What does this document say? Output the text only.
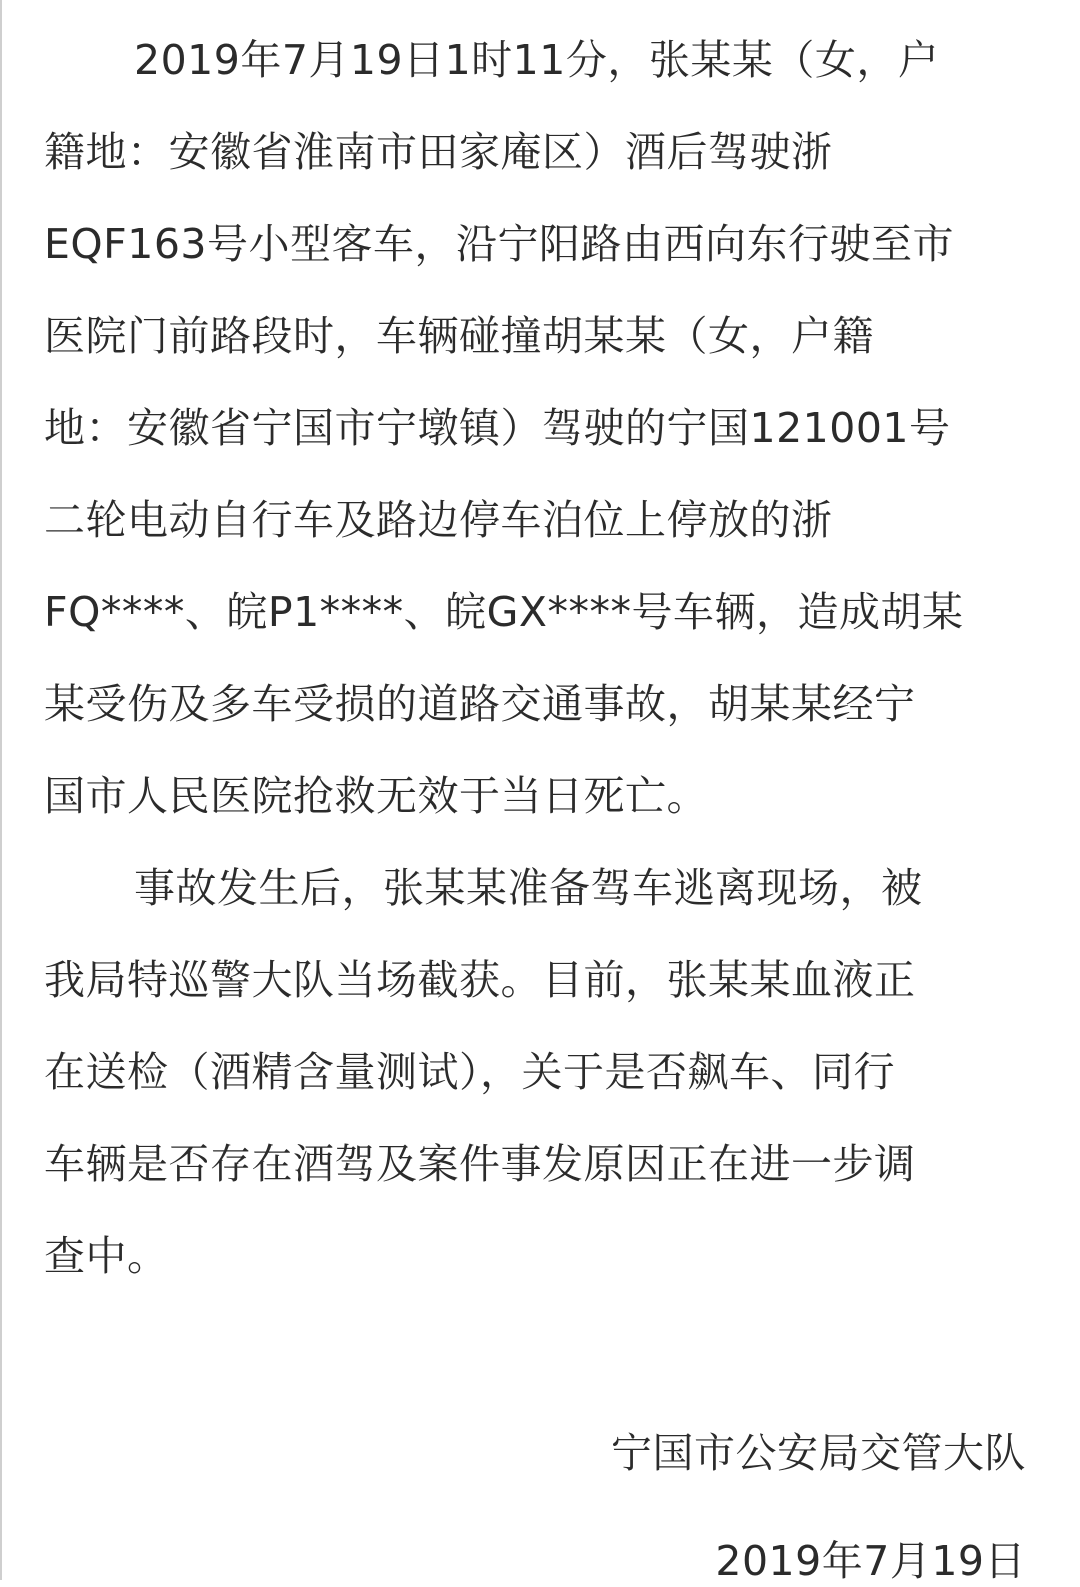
2019年7月19日1时11分，张某某（女，户
籍地：安徽省淮南市田家庵区）酒后驾驶浙
EQF163号小型客车，沿宁阳路由西向东行驶至市
医院门前路段时，车辆碰撞胡某某（女，户籍
地：安徽省宁国市宁墩镇）驾驶的宁国121001号
二轮电动自行车及路边停车泊位上停放的浙
FQ****、皖P1****、皖GX****号车辆，造成胡某
某受伤及多车受损的道路交通事故，胡某某经宁
国市人民医院抢救无效于当日死亡。
事故发生后，张某某准备驾车逃离现场，被
我局特巡警大队当场截获。目前，张某某血液正
在送检（酒精含量测试），关于是否飙车、同行
车辆是否存在酒驾及案件事发原因正在进一步调
查中。
宁国市公安局交管大队
2019年7月19日
